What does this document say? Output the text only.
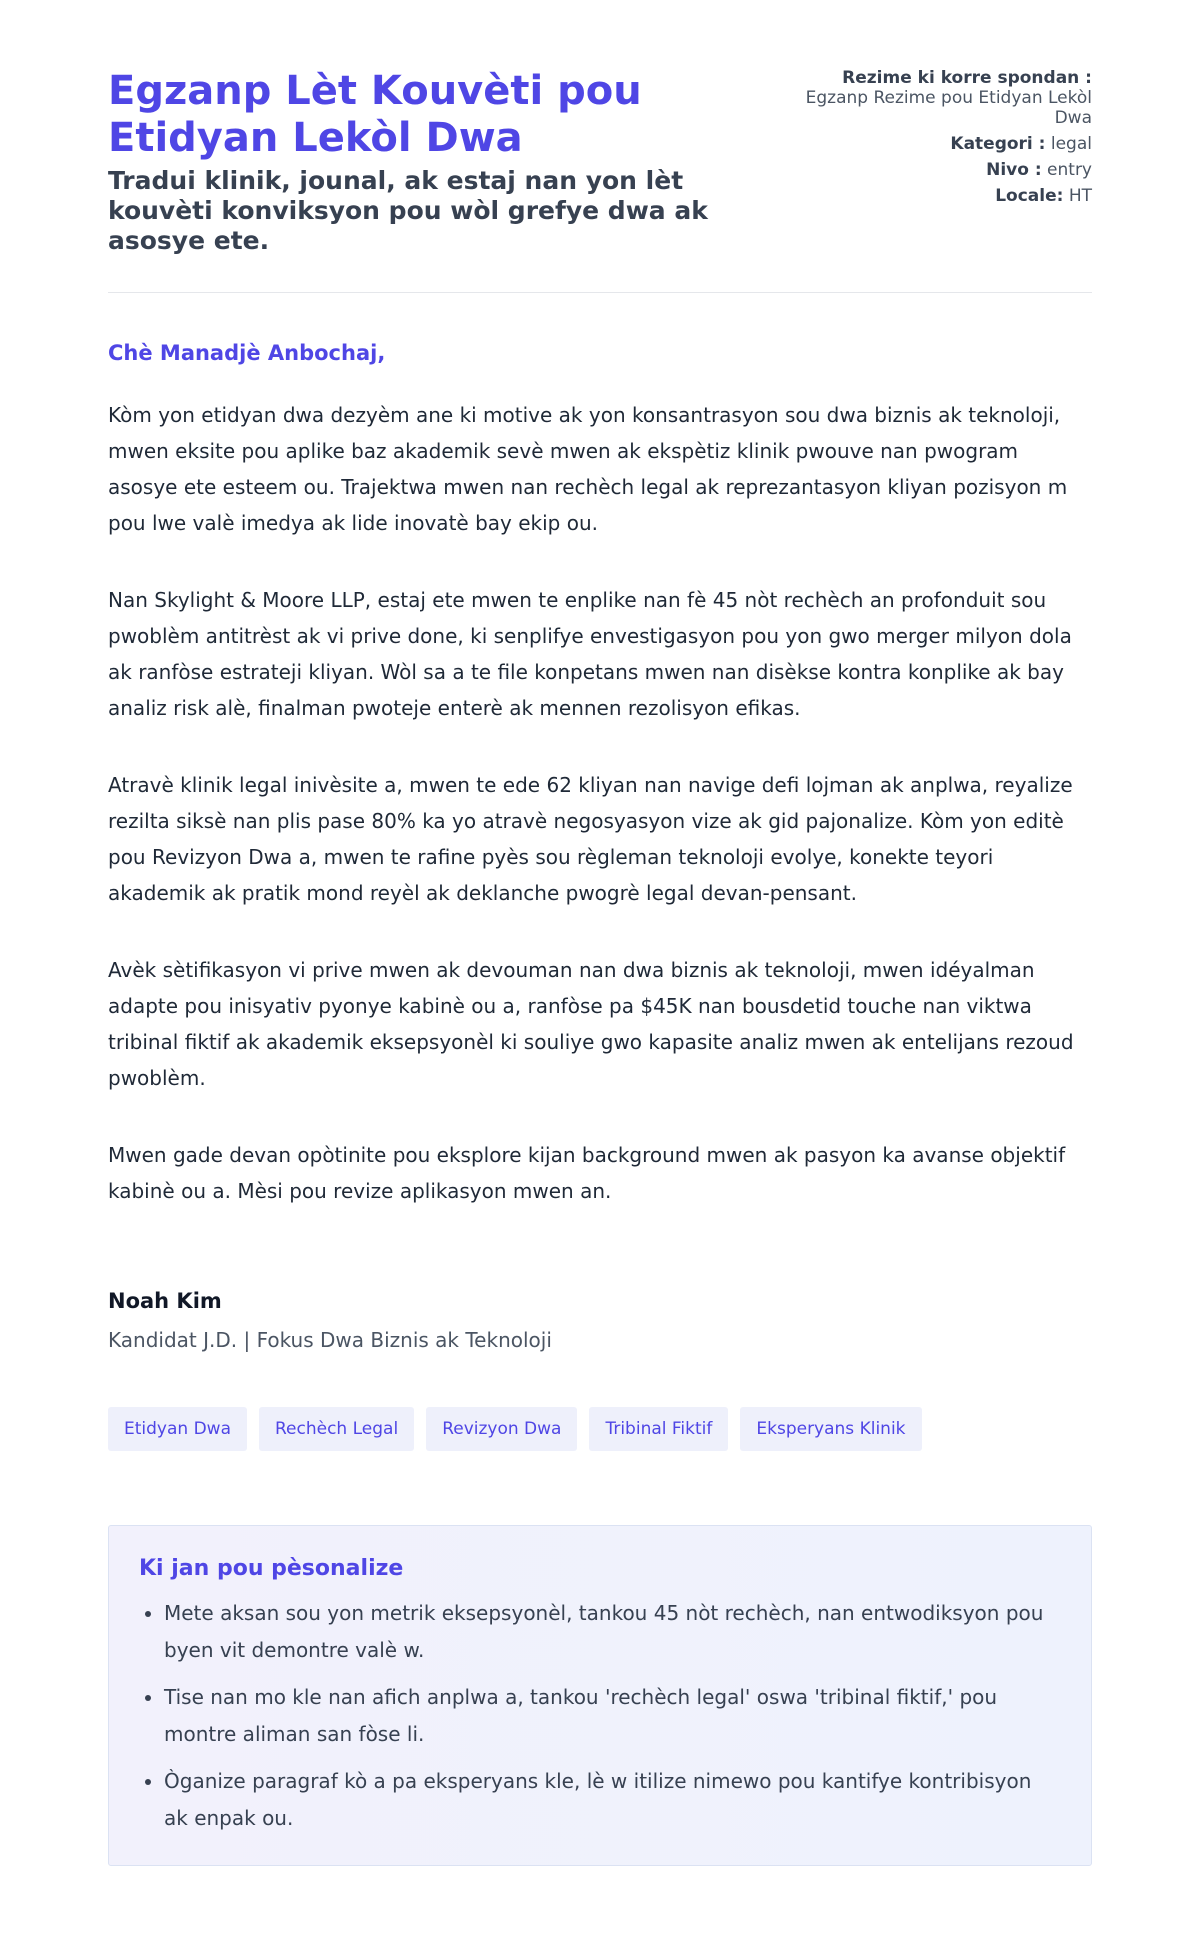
Egzanp Lèt Kouvèti pou Etidyan Lekòl Dwa

Tradui klinik, jounal, ak estaj nan yon lèt kouvèti konviksyon pou wòl grefye dwa ak asosye ete.

Rezime ki korre spondan :
Egzanp Rezime pou Etidyan Lekòl Dwa
Kategori : legal
Nivo : entry
Locale: HT

Chè Manadjè Anbochaj,

Kòm yon etidyan dwa dezyèm ane ki motive ak yon konsantrasyon sou dwa biznis ak teknoloji, mwen eksite pou aplike baz akademik sevè mwen ak ekspètiz klinik pwouve nan pwogram asosye ete esteem ou. Trajektwa mwen nan rechèch legal ak reprezantasyon kliyan pozisyon m pou lwe valè imedya ak lide inovatè bay ekip ou.

Nan Skylight & Moore LLP, estaj ete mwen te enplike nan fè 45 nòt rechèch an profonduit sou pwoblèm antitrèst ak vi prive done, ki senplifye envestigasyon pou yon gwo merger milyon dola ak ranfòse estrateji kliyan. Wòl sa a te file konpetans mwen nan disèkse kontra konplike ak bay analiz risk alè, finalman pwoteje enterè ak mennen rezolisyon efikas.

Atravè klinik legal inivèsite a, mwen te ede 62 kliyan nan navige defi lojman ak anplwa, reyalize rezilta siksè nan plis pase 80% ka yo atravè negosyasyon vize ak gid pajonalize. Kòm yon editè pou Revizyon Dwa a, mwen te rafine pyès sou règleman teknoloji evolye, konekte teyori akademik ak pratik mond reyèl ak deklanche pwogrè legal devan-pensant.

Avèk sètifikasyon vi prive mwen ak devouman nan dwa biznis ak teknoloji, mwen idéyalman adapte pou inisyativ pyonye kabinè ou a, ranfòse pa $45K nan bousdetid touche nan viktwa tribinal fiktif ak akademik eksepsyonèl ki souliye gwo kapasite analiz mwen ak entelijans rezoud pwoblèm.

Mwen gade devan opòtinite pou eksplore kijan background mwen ak pasyon ka avanse objektif kabinè ou a. Mèsi pou revize aplikasyon mwen an.

Noah Kim

Kandidat J.D. | Fokus Dwa Biznis ak Teknoloji

Etidyan Dwa	Rechèch Legal	Revizyon Dwa	Tribinal Fiktif	Eksperyans Klinik
Ki jan pou pèsonalize
• Mete aksan sou yon metrik eksepsyonèl, tankou 45 nòt rechèch, nan entwodiksyon pou byen vit demontre valè w.
• Tise nan mo kle nan afich anplwa a, tankou 'rechèch legal' oswa 'tribinal fiktif,' pou montre aliman san fòse li.
• Òganize paragraf kò a pa eksperyans kle, lè w itilize nimewo pou kantifye kontribisyon ak enpak ou.
